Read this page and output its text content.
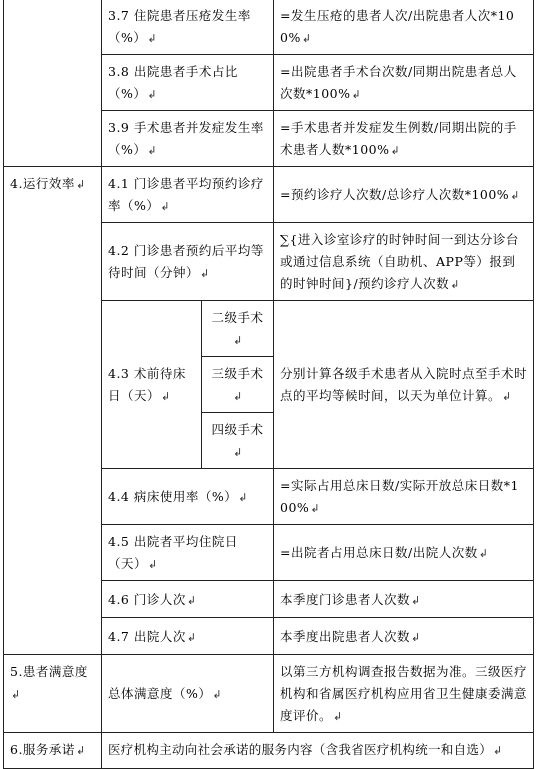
	3.7 住院患者压疮发生率（%）↲		=发生压疮的患者人次/出院患者人次*100%↲
	3.8 出院患者手术占比（%）↲		=出院患者手术台次数/同期出院患者总人次数*100%↲
	3.9 手术患者并发症发生率（%）↲		=手术患者并发症发生例数/同期出院的手术患者人数*100%↲
4.运行效率↲	4.1 门诊患者平均预约诊疗率（%）↲		=预约诊疗人次数/总诊疗人次数*100%↲
	4.2 门诊患者预约后平均等待时间（分钟）↲		∑{进入诊室诊疗的时钟时间一到达分诊台或通过信息系统（自助机、APP等）报到的时钟时间}/预约诊疗人次数↲
	4.3 术前待床日（天）↲	二级手术↲	分别计算各级手术患者从入院时点至手术时点的平均等候时间，以天为单位计算。↲
		三级手术↲	
		四级手术↲	
	4.4 病床使用率（%）↲		=实际占用总床日数/实际开放总床日数*100%↲
	4.5 出院者平均住院日（天）↲		=出院者占用总床日数/出院人次数↲
	4.6 门诊人次↲		本季度门诊患者人次数↲
	4.7 出院人次↲		本季度出院患者人次数↲
5.患者满意度↲	总体满意度（%）↲		以第三方机构调查报告数据为准。三级医疗机构和省属医疗机构应用省卫生健康委满意度评价。↲
6.服务承诺↲	医疗机构主动向社会承诺的服务内容（含我省医疗机构统一和自选）↲		
